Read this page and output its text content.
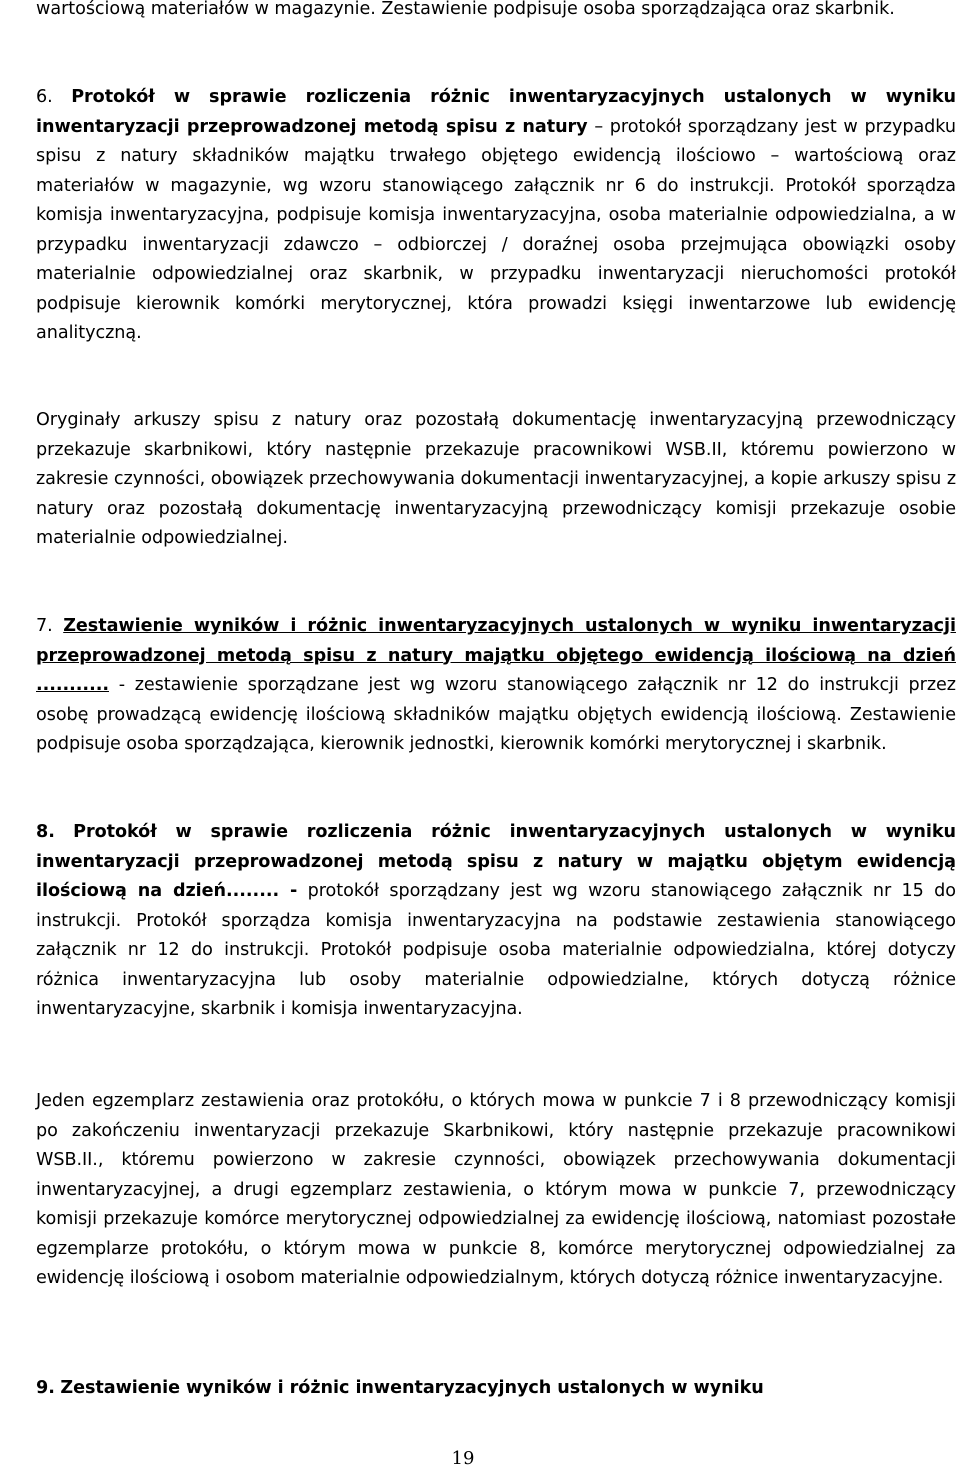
wartościową materiałów w magazynie. Zestawienie podpisuje osoba sporządzająca oraz skarbnik.

6. Protokół w sprawie rozliczenia różnic inwentaryzacyjnych ustalonych w wyniku inwentaryzacji przeprowadzonej metodą spisu z natury – protokół sporządzany jest w przypadku spisu z natury składników majątku trwałego objętego ewidencją ilościowo – wartościową oraz materiałów w magazynie, wg wzoru stanowiącego załącznik nr 6 do instrukcji. Protokół sporządza komisja inwentaryzacyjna, podpisuje komisja inwentaryzacyjna, osoba materialnie odpowiedzialna, a w przypadku inwentaryzacji zdawczo – odbiorczej / doraźnej osoba przejmująca obowiązki osoby materialnie odpowiedzialnej oraz skarbnik, w przypadku inwentaryzacji nieruchomości protokół podpisuje kierownik komórki merytorycznej, która prowadzi księgi inwentarzowe lub ewidencję analityczną.

Oryginały arkuszy spisu z natury oraz pozostałą dokumentację inwentaryzacyjną przewodniczący przekazuje skarbnikowi, który następnie przekazuje pracownikowi WSB.II, któremu powierzono w zakresie czynności, obowiązek przechowywania dokumentacji inwentaryzacyjnej, a kopie arkuszy spisu z natury oraz pozostałą dokumentację inwentaryzacyjną przewodniczący komisji przekazuje osobie materialnie odpowiedzialnej.

7. Zestawienie wyników i różnic inwentaryzacyjnych ustalonych w wyniku inwentaryzacji przeprowadzonej metodą spisu z natury majątku objętego ewidencją ilościową na dzień ........... - zestawienie sporządzane jest wg wzoru stanowiącego załącznik nr 12 do instrukcji przez osobę prowadzącą ewidencję ilościową składników majątku objętych ewidencją ilościową. Zestawienie podpisuje osoba sporządzająca, kierownik jednostki, kierownik komórki merytorycznej i skarbnik.

8. Protokół w sprawie rozliczenia różnic inwentaryzacyjnych ustalonych w wyniku inwentaryzacji przeprowadzonej metodą spisu z natury w majątku objętym ewidencją ilościową na dzień........ - protokół sporządzany jest wg wzoru stanowiącego załącznik nr 15 do instrukcji. Protokół sporządza komisja inwentaryzacyjna na podstawie zestawienia stanowiącego załącznik nr 12 do instrukcji. Protokół podpisuje osoba materialnie odpowiedzialna, której dotyczy różnica inwentaryzacyjna lub osoby materialnie odpowiedzialne, których dotyczą różnice inwentaryzacyjne, skarbnik i komisja inwentaryzacyjna.

Jeden egzemplarz zestawienia oraz protokółu, o których mowa w punkcie 7 i 8 przewodniczący komisji po zakończeniu inwentaryzacji przekazuje Skarbnikowi, który następnie przekazuje pracownikowi WSB.II., któremu powierzono w zakresie czynności, obowiązek przechowywania dokumentacji inwentaryzacyjnej, a drugi egzemplarz zestawienia, o którym mowa w punkcie 7, przewodniczący komisji przekazuje komórce merytorycznej odpowiedzialnej za ewidencję ilościową, natomiast pozostałe egzemplarze protokółu, o którym mowa w punkcie 8, komórce merytorycznej odpowiedzialnej za ewidencję ilościową i osobom materialnie odpowiedzialnym, których dotyczą różnice inwentaryzacyjne.

9. Zestawienie wyników i różnic inwentaryzacyjnych ustalonych w wyniku

19
